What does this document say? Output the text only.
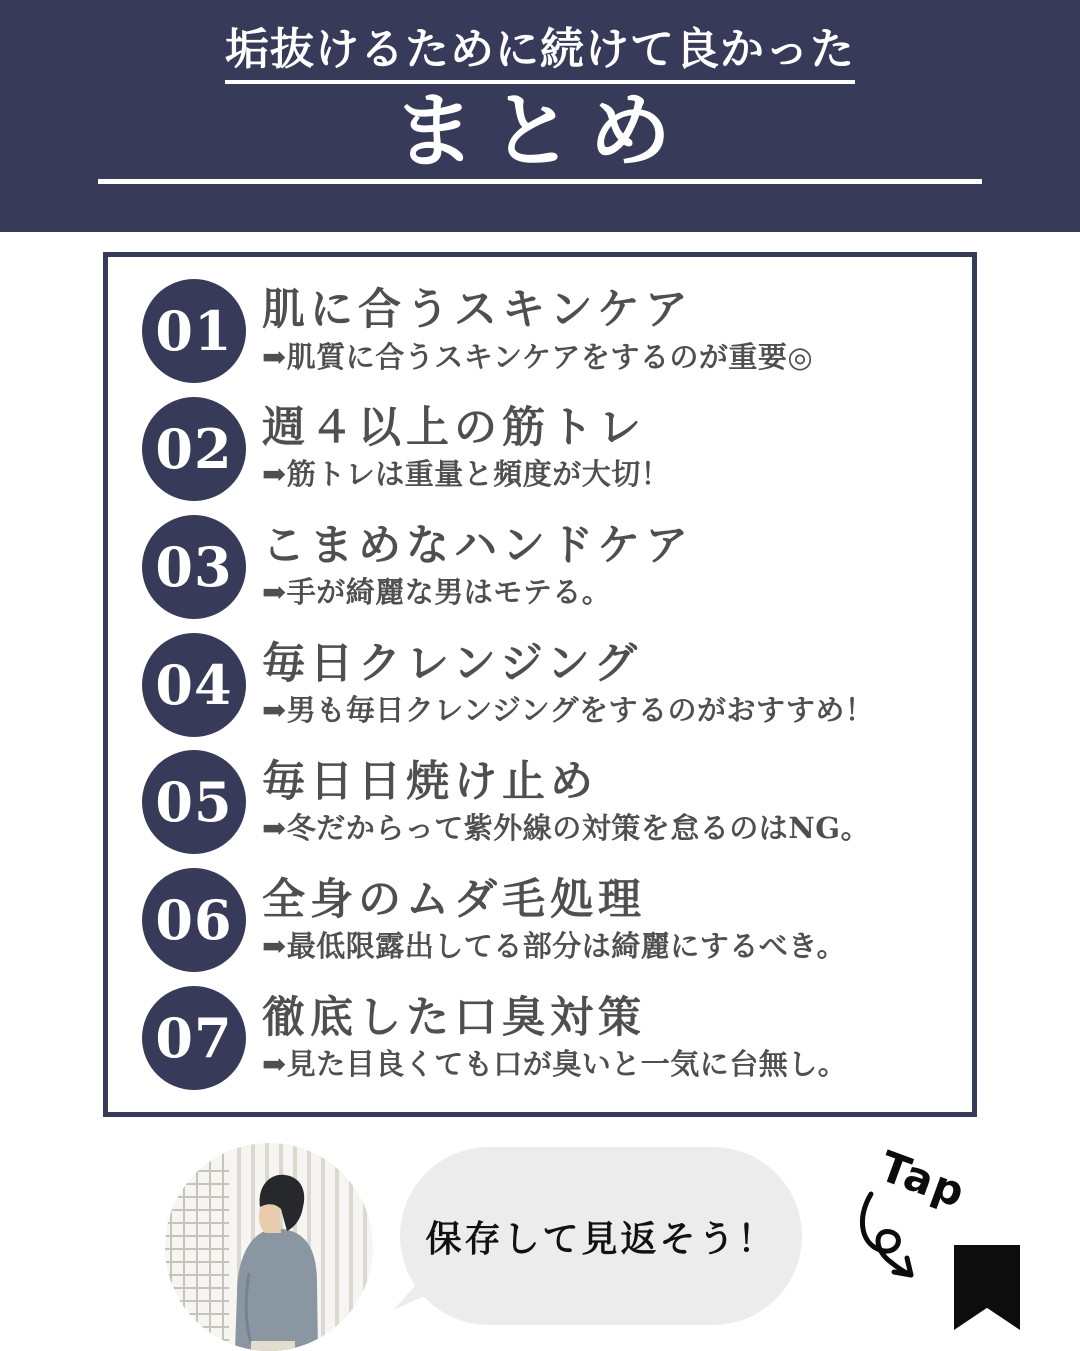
垢抜けるために続けて良かった
まとめ
01 肌に合うスキンケア
➡肌質に合うスキンケアをするのが重要◎
02 週４以上の筋トレ
➡筋トレは重量と頻度が大切！
03 こまめなハンドケア
➡手が綺麗な男はモテる。
04 毎日クレンジング
➡男も毎日クレンジングをするのがおすすめ！
05 毎日日焼け止め
➡冬だからって紫外線の対策を怠るのはNG。
06 全身のムダ毛処理
➡最低限露出してる部分は綺麗にするべき。
07 徹底した口臭対策
➡見た目良くても口が臭いと一気に台無し。
保存して見返そう！
Tap
